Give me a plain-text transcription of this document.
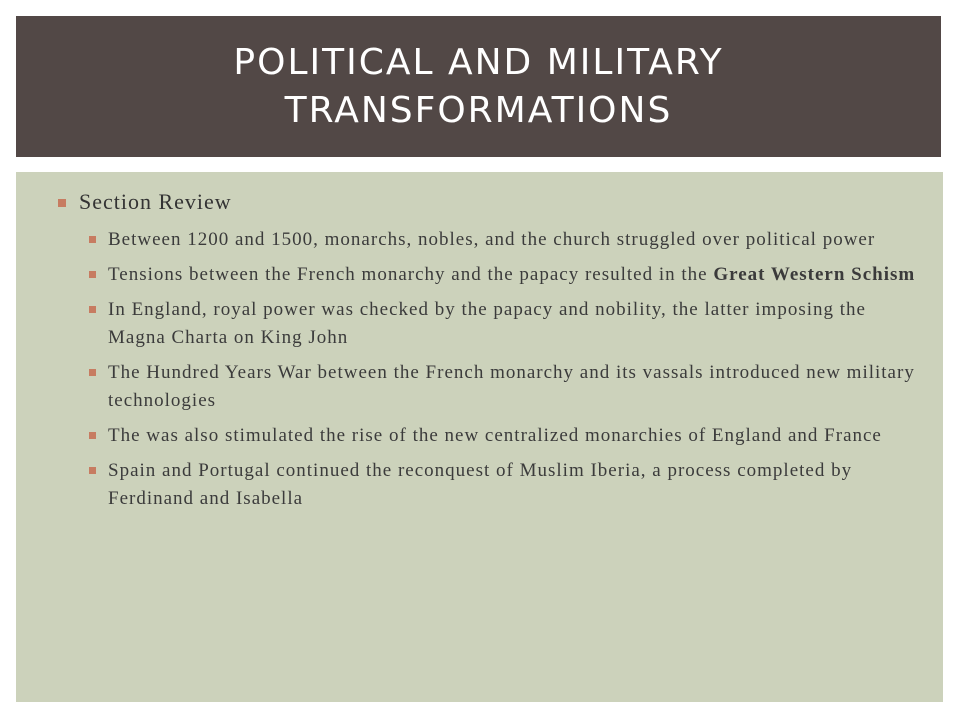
POLITICAL AND MILITARY TRANSFORMATIONS
Section Review
Between 1200 and 1500, monarchs, nobles, and the church struggled over political power
Tensions between the French monarchy and the papacy resulted in the Great Western Schism
In England, royal power was checked by the papacy and nobility, the latter imposing the Magna Charta on King John
The Hundred Years War between the French monarchy and its vassals introduced new military technologies
The was also stimulated the rise of the new centralized monarchies of England and France
Spain and Portugal continued the reconquest of Muslim Iberia, a process completed by Ferdinand and Isabella
